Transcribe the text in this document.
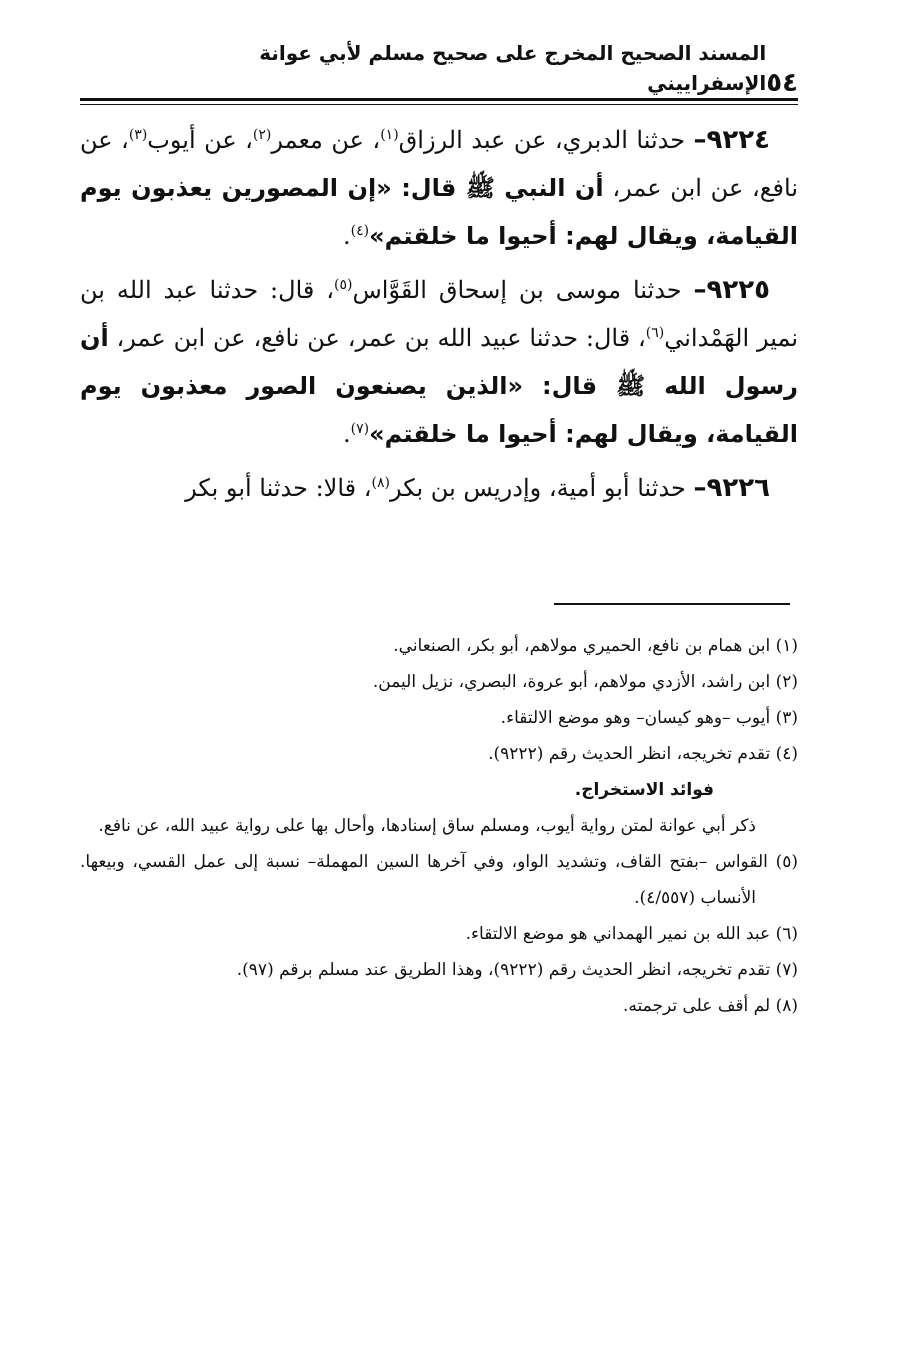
٥٤
المسند الصحيح المخرج على صحيح مسلم لأبي عوانة الإسفراييني

٩٢٢٤– حدثنا الدبري، عن عبد الرزاق$^{(١)}$، عن معمر$^{(٢)}$، عن أيوب$^{(٣)}$، عن نافع، عن ابن عمر، أن النبي ﷺ قال: «إن المصورين يعذبون يوم القيامة، ويقال لهم: أحيوا ما خلقتم»$^{(٤)}$.

٩٢٢٥– حدثنا موسى بن إسحاق القَوَّاس$^{(٥)}$، قال: حدثنا عبد الله بن نمير الهَمْداني$^{(٦)}$، قال: حدثنا عبيد الله بن عمر، عن نافع، عن ابن عمر، أن رسول الله ﷺ قال: «الذين يصنعون الصور معذبون يوم القيامة، ويقال لهم: أحيوا ما خلقتم»$^{(٧)}$.

٩٢٢٦– حدثنا أبو أمية، وإدريس بن بكر$^{(٨)}$، قالا: حدثنا أبو بكر

(١) ابن همام بن نافع، الحميري مولاهم، أبو بكر، الصنعاني.

(٢) ابن راشد، الأزدي مولاهم، أبو عروة، البصري، نزيل اليمن.

(٣) أيوب –وهو كيسان– وهو موضع الالتقاء.

(٤) تقدم تخريجه، انظر الحديث رقم (٩٢٢٢).

فوائد الاستخراج.

ذكر أبي عوانة لمتن رواية أيوب، ومسلم ساق إسنادها، وأحال بها على رواية عبيد الله، عن نافع.

(٥) القواس –بفتح القاف، وتشديد الواو، وفي آخرها السين المهملة– نسبة إلى عمل القسي، وبيعها. الأنساب (٤/٥٥٧).

(٦) عبد الله بن نمير الهمداني هو موضع الالتقاء.

(٧) تقدم تخريجه، انظر الحديث رقم (٩٢٢٢)، وهذا الطريق عند مسلم برقم (٩٧).

(٨) لم أقف على ترجمته.
